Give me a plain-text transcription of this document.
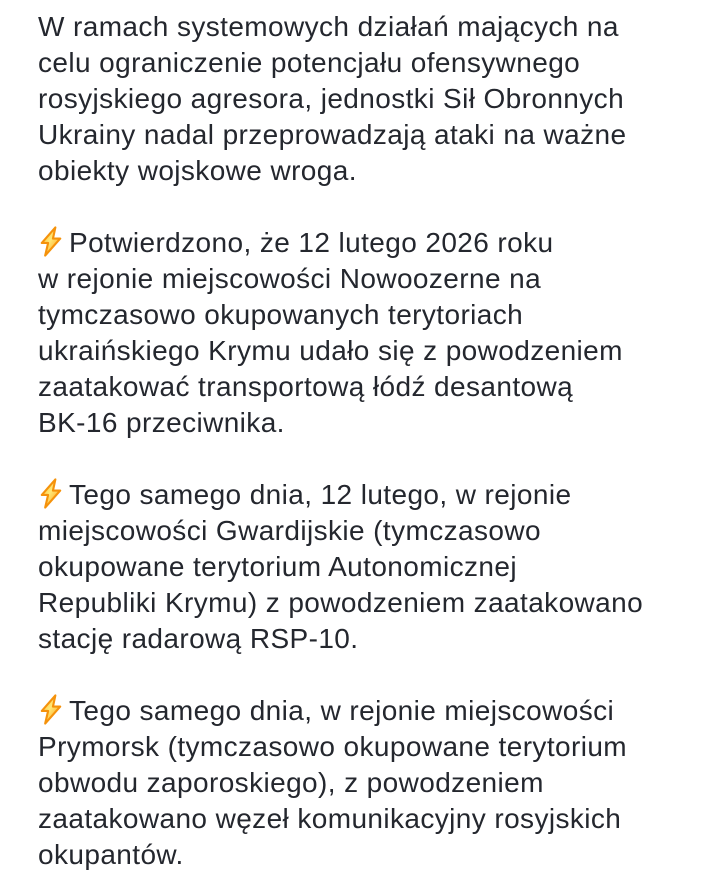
W ramach systemowych działań mających na
celu ograniczenie potencjału ofensywnego
rosyjskiego agresora, jednostki Sił Obronnych
Ukrainy nadal przeprowadzają ataki na ważne
obiekty wojskowe wroga.

Potwierdzono, że 12 lutego 2026 roku
w rejonie miejscowości Nowoozerne na
tymczasowo okupowanych terytoriach
ukraińskiego Krymu udało się z powodzeniem
zaatakować transportową łódź desantową
BK-16 przeciwnika.

Tego samego dnia, 12 lutego, w rejonie
miejscowości Gwardijskie (tymczasowo
okupowane terytorium Autonomicznej
Republiki Krymu) z powodzeniem zaatakowano
stację radarową RSP-10.

Tego samego dnia, w rejonie miejscowości
Prymorsk (tymczasowo okupowane terytorium
obwodu zaporoskiego), z powodzeniem
zaatakowano węzeł komunikacyjny rosyjskich
okupantów.
